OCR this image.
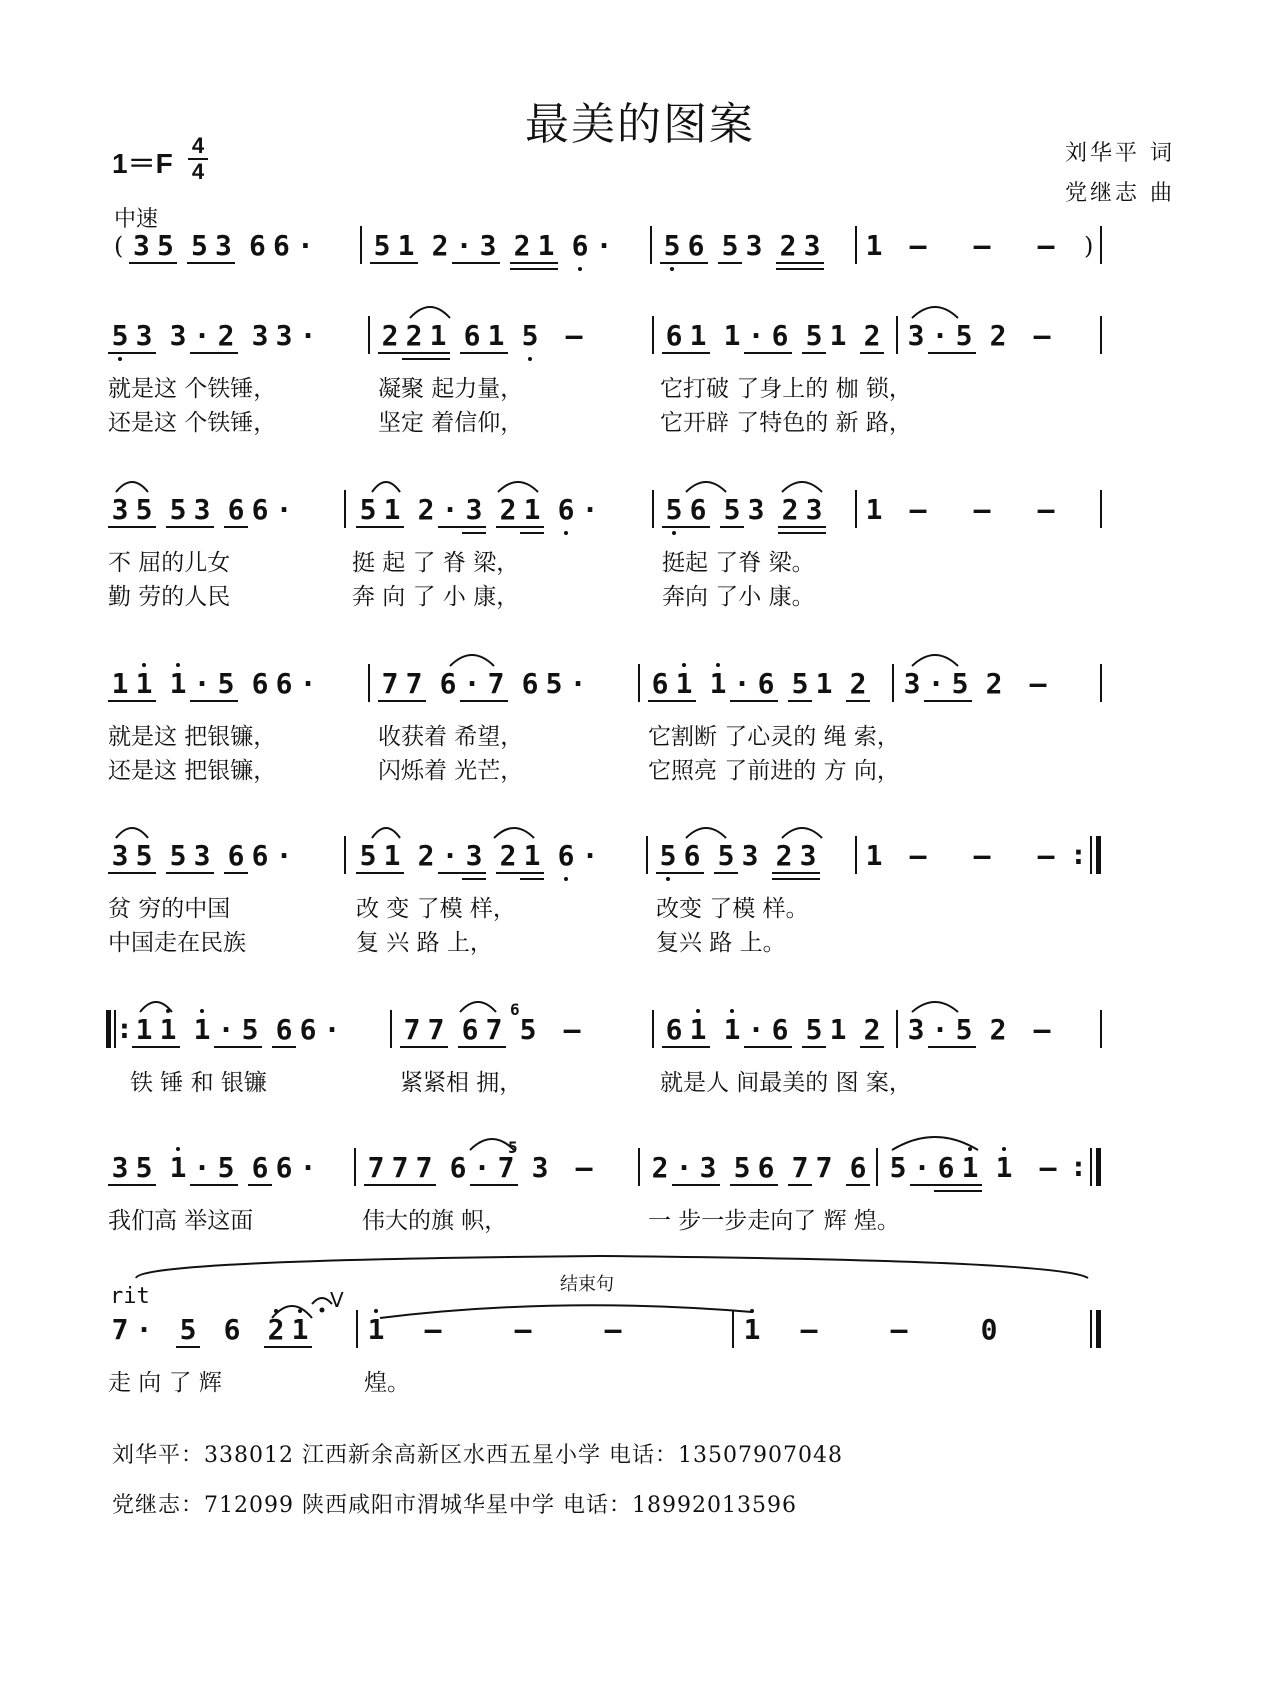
最美的图案
1＝F
4
4
中速
刘华平 词
党继志 曲
( 3 5 5 3 6 6 · 5 1 2 · 3 2 1 6 · 5 6 5 3 2 3 1 –	–	–	)
5 3 3 · 2 3 3 · 2 2 1 6 1 5 –	6 1 1 · 6 5 1 2 3 · 5 2 –
就是这 个铁锤，	凝聚 起力量，	它打破 了身上的 枷 锁，
还是这 个铁锤，	坚定 着信仰，	它开辟 了特色的 新 路，
3 5 5 3 6 6 · 5 1 2 · 3 2 1 6 · 5 6 5 3 2 3 1 –	–	–
不 屈的儿女	挺 起 了 脊 梁，	挺起 了脊 梁。
勤 劳的人民	奔 向 了 小 康，	奔向 了小 康。
1 1 1 · 5 6 6 · 7 7 6 · 7 6 5 · 6 1 1 · 6 5 1 2 3 · 5 2 –
就是这 把银镰，	收获着 希望，	它割断 了心灵的 绳 索，
还是这 把银镰，	闪烁着 光芒，	它照亮 了前进的 方 向，
3 5 5 3 6 6 · 5 1 2 · 3 2 1 6 · 5 6 5 3 2 3 1 –	–	– :
贫 穷的中国	改 变 了模 样，	改变 了模 样。
中国走在民族	复 兴 路 上，	复兴 路 上。
: 1 1 1 · 5 6 6 · 7 7 6 7 5 –
6
6 1 1 · 6 5 1 2 3 · 5 2 –
铁 锤 和 银镰	紧紧相 拥，	就是人 间最美的 图 案，
3 5 1 · 5 6 6 · 7 7 7 6 · 7 3 –
5
2 · 3 5 6 7 7 6 5 · 6 1 1 – :
我们高 举这面	伟大的旗 帜，	一 步一步走向了 辉 煌。
结束句
rit	V
7 · 5 6 2 1 1	–	–	–	1	–	–	0
走 向 了 辉	煌。
刘华平：338012 江西新余高新区水西五星小学 电话：13507907048
党继志：712099 陕西咸阳市渭城华星中学 电话：18992013596
